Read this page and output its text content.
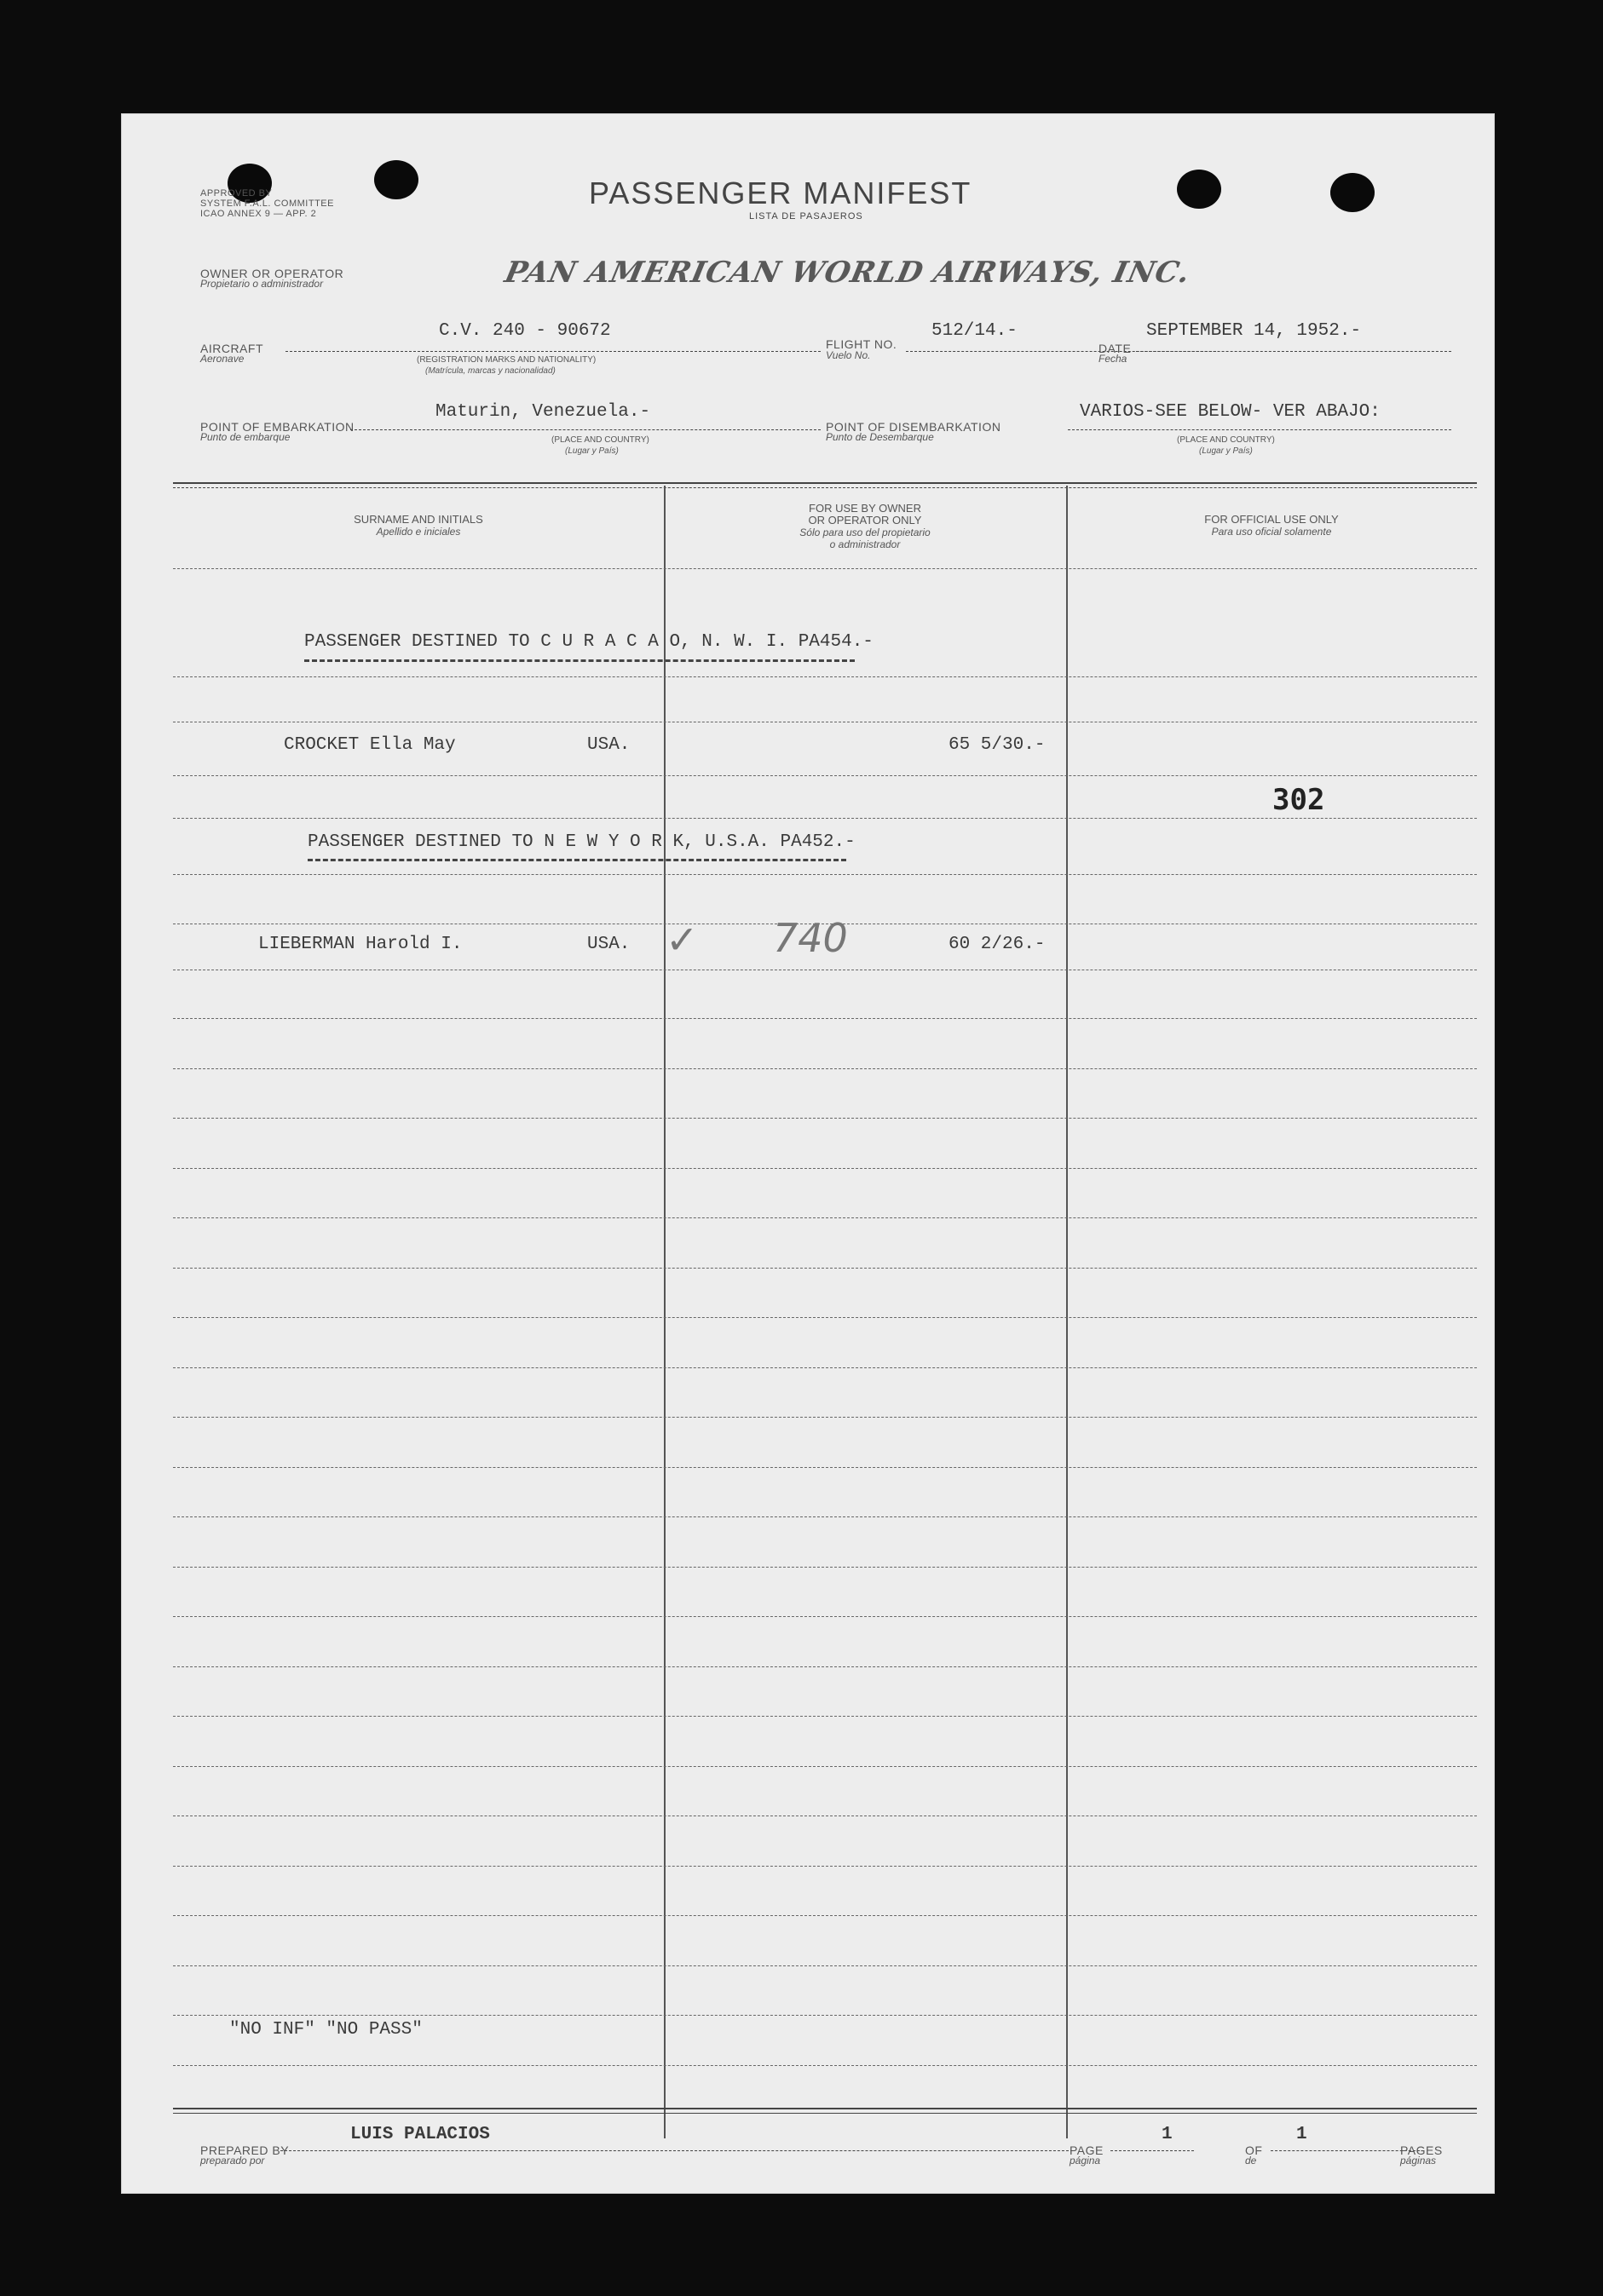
APPROVED BY
SYSTEM F.A.L. COMMITTEE
ICAO ANNEX 9 — APP. 2
PASSENGER MANIFEST
LISTA DE PASAJEROS
OWNER OR OPERATOR
Propietario o administrador	PAN AMERICAN WORLD AIRWAYS, INC.
AIRCRAFT
Aeronave
C.V. 240 - 90672
(REGISTRATION MARKS AND NATIONALITY)
(Matrícula, marcas y nacionalidad)
FLIGHT NO.
Vuelo No.
512/14.-
DATE
Fecha
SEPTEMBER 14, 1952.-
POINT OF EMBARKATION
Punto de embarque
Maturin, Venezuela.-
(PLACE AND COUNTRY)
(Lugar y País)
POINT OF DISEMBARKATION
Punto de Desembarque
VARIOS-SEE BELOW- VER ABAJO:
(PLACE AND COUNTRY)
(Lugar y País)
SURNAME AND INITIALS
Apellido e iniciales
FOR USE BY OWNER
OR OPERATOR ONLY
Sólo para uso del propietario
o administrador
FOR OFFICIAL USE ONLY
Para uso oficial solamente
PASSENGER DESTINED TO C U R A C A O, N. W. I. PA454.-
CROCKET Ella May	USA.	65 5/30.-
302
PASSENGER DESTINED TO N E W Y O R K, U.S.A. PA452.-
LIEBERMAN Harold I.	USA. ✓ 740	60 2/26.-
"NO INF" "NO PASS"
LUIS PALACIOS
PREPARED BY
preparado por
PAGE
página
1
OF
de
1
PAGES
páginas
